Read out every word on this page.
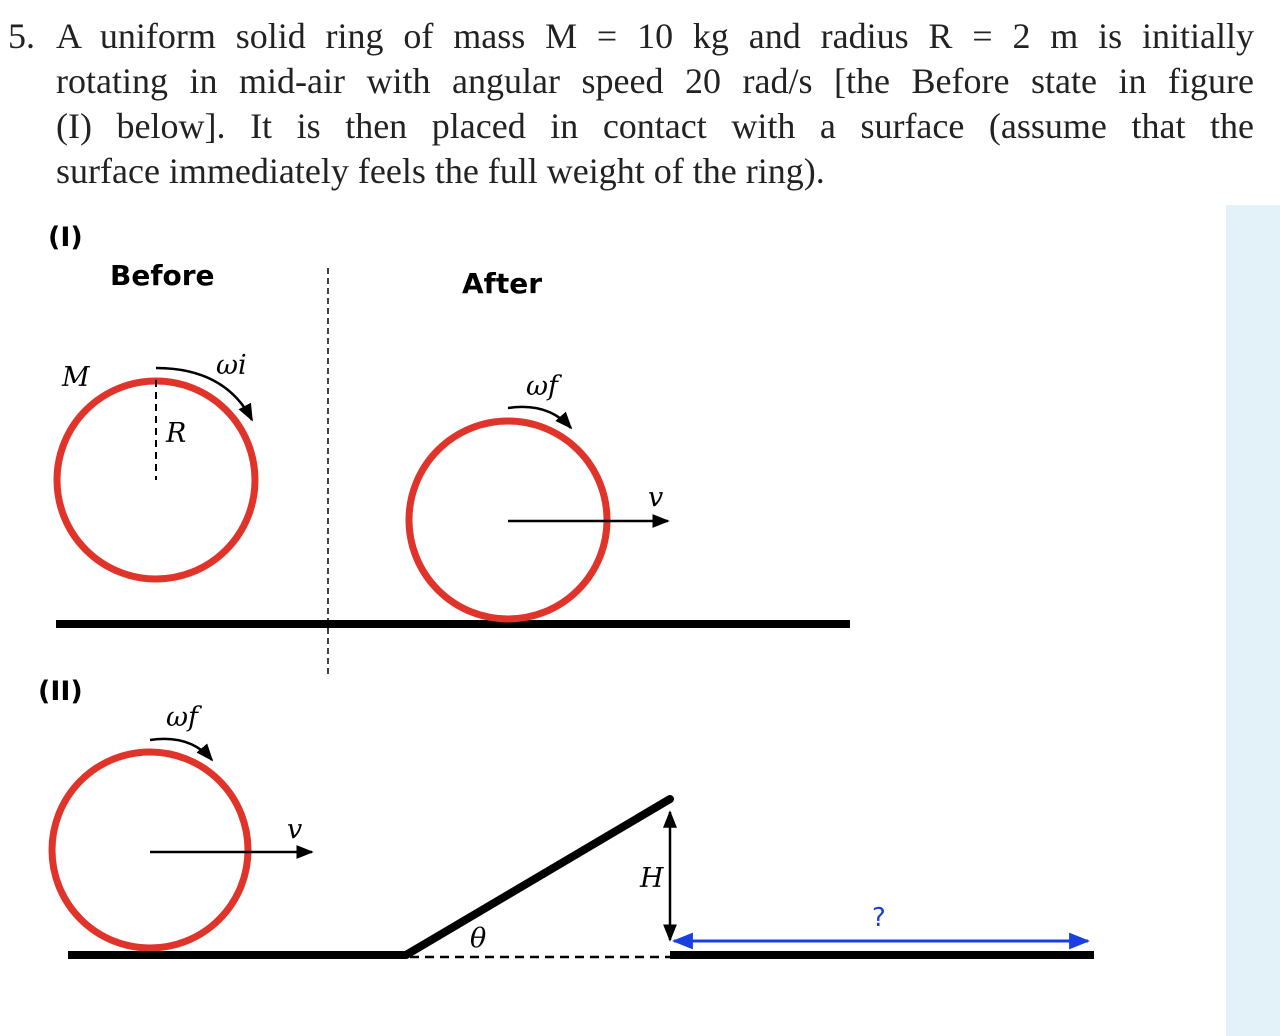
5. A uniform solid ring of mass M = 10 kg and radius R = 2 m is initially
rotating in mid-air with angular speed 20 rad/s [the Before state in figure
(I) below]. It is then placed in contact with a surface (assume that the
surface immediately feels the full weight of the ring).
(I)
Before	After
M
R
ωi
ωf
v
(II)
ωf
v
θ
H
?
